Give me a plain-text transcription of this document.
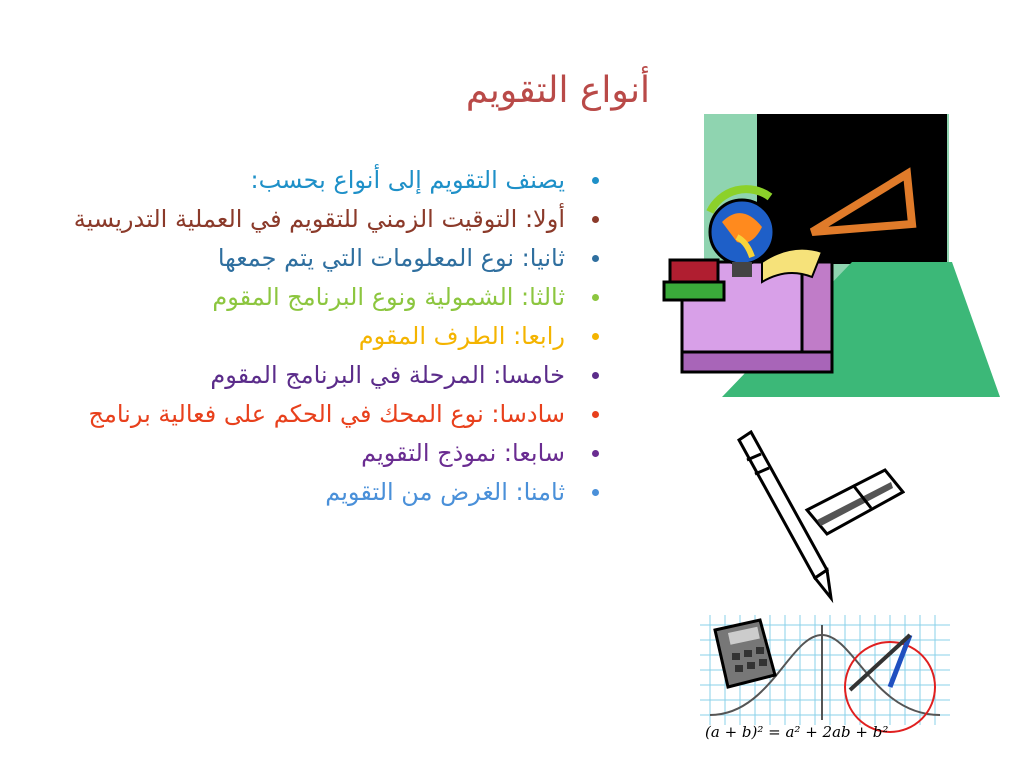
أنواع التقويم
يصنف التقويم إلى أنواع بحسب:
أولا: التوقيت الزمني للتقويم في العملية التدريسية
ثانيا: نوع المعلومات التي يتم جمعها
ثالثا: الشمولية ونوع البرنامج المقوم
رابعا: الطرف المقوم
خامسا: المرحلة في البرنامج المقوم
سادسا: نوع المحك في الحكم على فعالية برنامج
سابعا: نموذج التقويم
ثامنا: الغرض من التقويم
(a + b)² = a² + 2ab + b²
